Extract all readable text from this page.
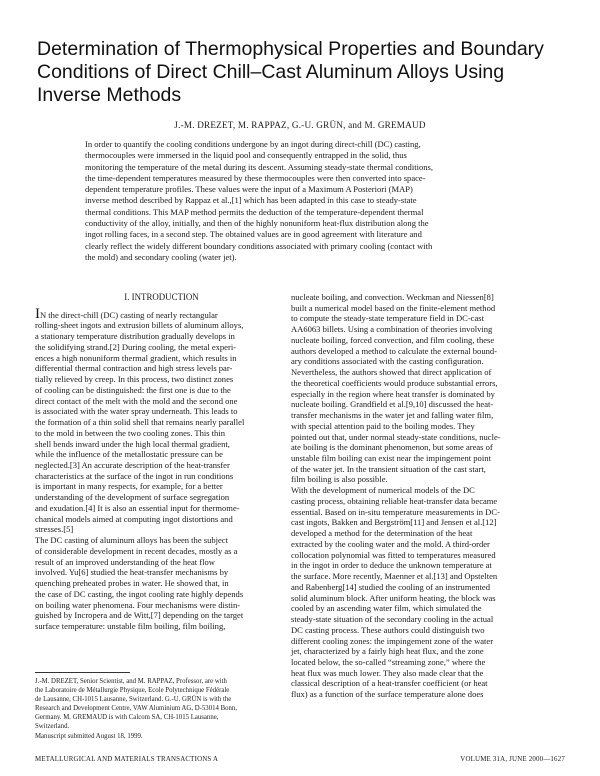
Determination of Thermophysical Properties and Boundary
Conditions of Direct Chill–Cast Aluminum Alloys Using
Inverse Methods
J.-M. DREZET, M. RAPPAZ, G.-U. GRÜN, and M. GREMAUD
In order to quantify the cooling conditions undergone by an ingot during direct-chill (DC) casting,
thermocouples were immersed in the liquid pool and consequently entrapped in the solid, thus
monitoring the temperature of the metal during its descent. Assuming steady-state thermal conditions,
the time-dependent temperatures measured by these thermocouples were then converted into space-
dependent temperature profiles. These values were the input of a Maximum A Posteriori (MAP)
inverse method described by Rappaz et al.,[1] which has been adapted in this case to steady-state
thermal conditions. This MAP method permits the deduction of the temperature-dependent thermal
conductivity of the alloy, initially, and then of the highly nonuniform heat-flux distribution along the
ingot rolling faces, in a second step. The obtained values are in good agreement with literature and
clearly reflect the widely different boundary conditions associated with primary cooling (contact with
the mold) and secondary cooling (water jet).
I. INTRODUCTION
IN the direct-chill (DC) casting of nearly rectangular
rolling-sheet ingots and extrusion billets of aluminum alloys,
a stationary temperature distribution gradually develops in
the solidifying strand.[2] During cooling, the metal experi-
ences a high nonuniform thermal gradient, which results in
differential thermal contraction and high stress levels par-
tially relieved by creep. In this process, two distinct zones
of cooling can be distinguished: the first one is due to the
direct contact of the melt with the mold and the second one
is associated with the water spray underneath. This leads to
the formation of a thin solid shell that remains nearly parallel
to the mold in between the two cooling zones. This thin
shell bends inward under the high local thermal gradient,
while the influence of the metallostatic pressure can be
neglected.[3] An accurate description of the heat-transfer
characteristics at the surface of the ingot in run conditions
is important in many respects, for example, for a better
understanding of the development of surface segregation
and exudation.[4] It is also an essential input for thermome-
chanical models aimed at computing ingot distortions and
stresses.[5]
The DC casting of aluminum alloys has been the subject
of considerable development in recent decades, mostly as a
result of an improved understanding of the heat flow
involved. Yu[6] studied the heat-transfer mechanisms by
quenching preheated probes in water. He showed that, in
the case of DC casting, the ingot cooling rate highly depends
on boiling water phenomena. Four mechanisms were distin-
guished by Incropera and de Witt,[7] depending on the target
surface temperature: unstable film boiling, film boiling,
nucleate boiling, and convection. Weckman and Niessen[8]
built a numerical model based on the finite-element method
to compute the steady-state temperature field in DC-cast
AA6063 billets. Using a combination of theories involving
nucleate boiling, forced convection, and film cooling, these
authors developed a method to calculate the external bound-
ary conditions associated with the casting configuration.
Nevertheless, the authors showed that direct application of
the theoretical coefficients would produce substantial errors,
especially in the region where heat transfer is dominated by
nucleate boiling. Grandfield et al.[9,10] discussed the heat-
transfer mechanisms in the water jet and falling water film,
with special attention paid to the boiling modes. They
pointed out that, under normal steady-state conditions, nucle-
ate boiling is the dominant phenomenon, but some areas of
unstable film boiling can exist near the impingement point
of the water jet. In the transient situation of the cast start,
film boiling is also possible.
With the development of numerical models of the DC
casting process, obtaining reliable heat-transfer data became
essential. Based on in-situ temperature measurements in DC-
cast ingots, Bakken and Bergström[11] and Jensen et al.[12]
developed a method for the determination of the heat
extracted by the cooling water and the mold. A third-order
collocation polynomial was fitted to temperatures measured
in the ingot in order to deduce the unknown temperature at
the surface. More recently, Maenner et al.[13] and Opstelten
and Rabenberg[14] studied the cooling of an instrumented
solid aluminum block. After uniform heating, the block was
cooled by an ascending water film, which simulated the
steady-state situation of the secondary cooling in the actual
DC casting process. These authors could distinguish two
different cooling zones: the impingement zone of the water
jet, characterized by a fairly high heat flux, and the zone
located below, the so-called “streaming zone,” where the
heat flux was much lower. They also made clear that the
classical description of a heat-transfer coefficient (or heat
flux) as a function of the surface temperature alone does
J.-M. DREZET, Senior Scientist, and M. RAPPAZ, Professor, are with
the Laboratoire de Métallurgie Physique, Ecole Polytechnique Fédérale
de Lausanne, CH-1015 Lausanne, Switzerland. G.-U. GRÜN is with the
Research and Development Centre, VAW Aluminium AG, D-53014 Bonn,
Germany. M. GREMAUD is with Calcom SA, CH-1015 Lausanne,
Switzerland.
Manuscript submitted August 18, 1999.
METALLURGICAL AND MATERIALS TRANSACTIONS A	VOLUME 31A, JUNE 2000—1627
